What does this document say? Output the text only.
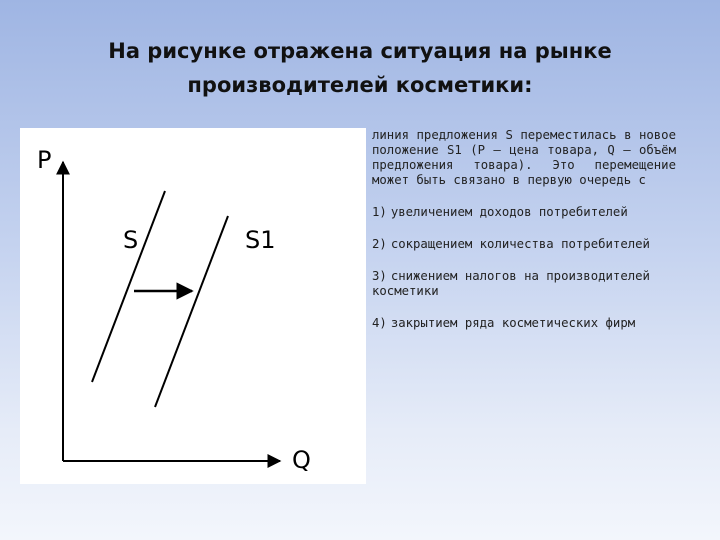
На рисунке отражена ситуация на рынке
производителей косметики:
P
Q
S	S1

линия предложения S переместилась в новое положение S1 (P — цена товара, Q — объём предложения товара). Это перемещение может быть связано в первую очередь с

1) увеличением доходов потребителей
2) сокращением количества потребителей
3) снижением налогов на производителей косметики
4) закрытием ряда косметических фирм
